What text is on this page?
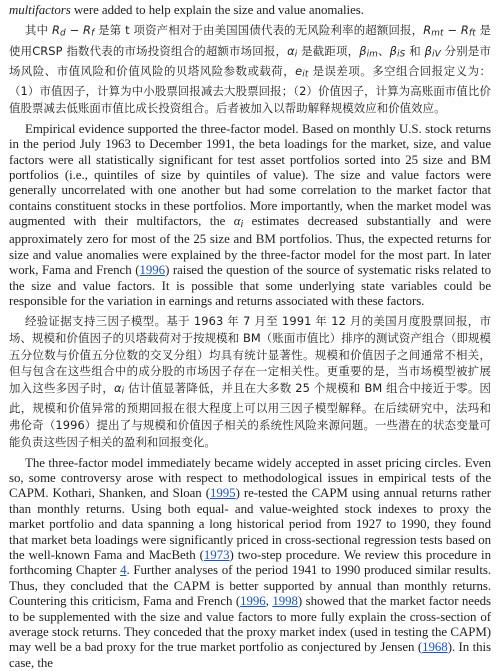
multifactors were added to help explain the size and value anomalies.

其中 Rd − Rf 是第 t 项资产相对于由美国国债代表的无风险利率的超额回报，Rmt − Rft 是使用CRSP 指数代表的市场投资组合的超额市场回报，αi 是截距项，βim、βiS 和 βiV 分别是市场风险、市值风险和价值风险的贝塔风险参数或载荷，eit 是误差项。多空组合回报定义为：（1）市值因子，计算为中小股票回报减去大股票回报；（2）价值因子，计算为高账面市值比价值股票减去低账面市值比成长投资组合。后者被加入以帮助解释规模效应和价值效应。

Empirical evidence supported the three-factor model. Based on monthly U.S. stock returns in the period July 1963 to December 1991, the beta loadings for the market, size, and value factors were all statistically significant for test asset portfolios sorted into 25 size and BM portfolios (i.e., quintiles of size by quintiles of value). The size and value factors were generally uncorrelated with one another but had some correlation to the market factor that contains constituent stocks in these portfolios. More importantly, when the market model was augmented with their multifactors, the αi estimates decreased substantially and were approximately zero for most of the 25 size and BM portfolios. Thus, the expected returns for size and value anomalies were explained by the three-factor model for the most part. In later work, Fama and French (1996) raised the question of the source of systematic risks related to the size and value factors. It is possible that some underlying state variables could be responsible for the variation in earnings and returns associated with these factors.

经验证据支持三因子模型。基于 1963 年 7 月至 1991 年 12 月的美国月度股票回报，市场、规模和价值因子的贝塔载荷对于按规模和 BM（账面市值比）排序的测试资产组合（即规模五分位数与价值五分位数的交叉分组）均具有统计显著性。规模和价值因子之间通常不相关，但与包含在这些组合中的成分股的市场因子存在一定相关性。更重要的是，当市场模型被扩展加入这些多因子时，αi 估计值显著降低，并且在大多数 25 个规模和 BM 组合中接近于零。因此，规模和价值异常的预期回报在很大程度上可以用三因子模型解释。在后续研究中，法玛和弗伦奇（1996）提出了与规模和价值因子相关的系统性风险来源问题。一些潜在的状态变量可能负责这些因子相关的盈利和回报变化。

The three-factor model immediately became widely accepted in asset pricing circles. Even so, some controversy arose with respect to methodological issues in empirical tests of the CAPM. Kothari, Shanken, and Sloan (1995) re-tested the CAPM using annual returns rather than monthly returns. Using both equal- and value-weighted stock indexes to proxy the market portfolio and data spanning a long historical period from 1927 to 1990, they found that market beta loadings were significantly priced in cross-sectional regression tests based on the well-known Fama and MacBeth (1973) two-step procedure. We review this procedure in forthcoming Chapter 4. Further analyses of the period 1941 to 1990 produced similar results. Thus, they concluded that the CAPM is better supported by annual than monthly returns. Countering this criticism, Fama and French (1996, 1998) showed that the market factor needs to be supplemented with the size and value factors to more fully explain the cross-section of average stock returns. They conceded that the proxy market index (used in testing the CAPM) may well be a bad proxy for the true market portfolio as conjectured by Jensen (1968). In this case, the
